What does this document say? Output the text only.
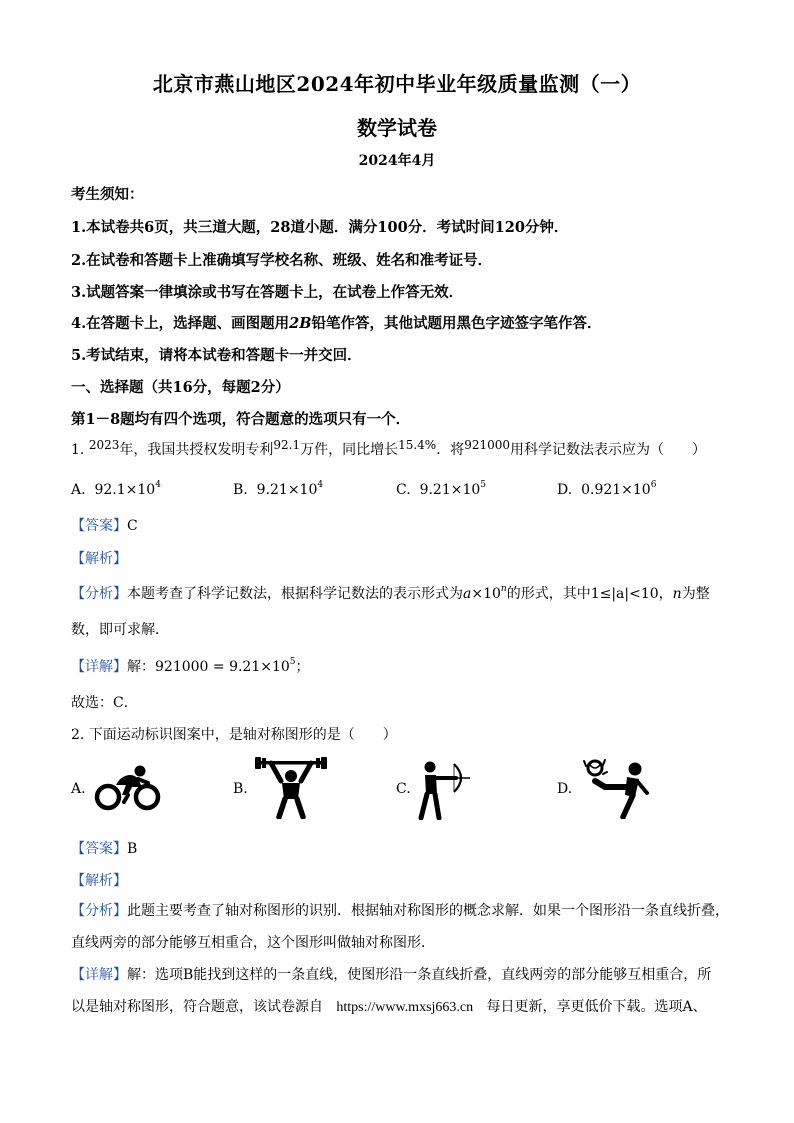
北京市燕山地区2024年初中毕业年级质量监测（一）
数学试卷
2024年4月
考生须知：
1.本试卷共6页，共三道大题，28道小题．满分100分．考试时间120分钟．
2.在试卷和答题卡上准确填写学校名称、班级、姓名和准考证号．
3.试题答案一律填涂或书写在答题卡上，在试卷上作答无效．
4.在答题卡上，选择题、画图题用2B铅笔作答，其他试题用黑色字迹签字笔作答．
5.考试结束，请将本试卷和答题卡一并交回．
一、选择题（共16分，每题2分）
第1－8题均有四个选项，符合题意的选项只有一个．
1. 2023年，我国共授权发明专利92.1万件，同比增长15.4%．将921000用科学记数法表示应为（　　）
A. $92.1\times 10^4$	B. $9.21\times 10^4$	C. $9.21\times 10^5$	D. $0.921\times 10^6$
【答案】C
【解析】
【分析】本题考查了科学记数法，根据科学记数法的表示形式为$a\times 10^n$的形式，其中1≤|a|<10，n为整
数，即可求解．
【详解】解：$921000 = 9.21\times 10^5$；
故选：C．
2. 下面运动标识图案中，是轴对称图形的是（　　）
A.	B.	C.	D.
【答案】B
【解析】
【分析】此题主要考查了轴对称图形的识别．根据轴对称图形的概念求解．如果一个图形沿一条直线折叠，
直线两旁的部分能够互相重合，这个图形叫做轴对称图形．
【详解】解：选项B能找到这样的一条直线，使图形沿一条直线折叠，直线两旁的部分能够互相重合，所
以是轴对称图形，符合题意，该试卷源自 https://www.mxsj663.cn 每日更新，享更低价下载。选项A、
